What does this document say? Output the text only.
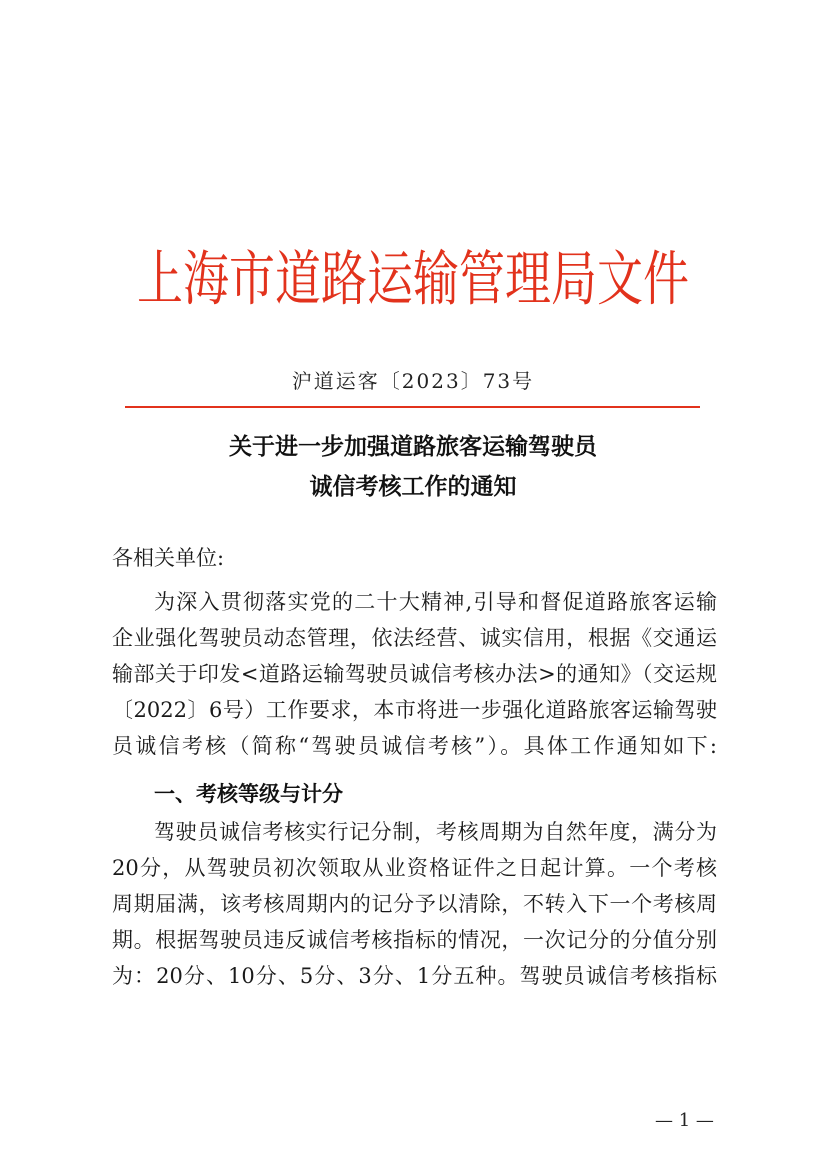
上海市道路运输管理局文件
沪道运客〔2023〕73号
关于进一步加强道路旅客运输驾驶员
诚信考核工作的通知
各相关单位:
为深入贯彻落实党的二十大精神,引导和督促道路旅客运输
企业强化驾驶员动态管理，依法经营、诚实信用，根据《交通运
输部关于印发<道路运输驾驶员诚信考核办法>的通知》（交运规
〔2022〕6号）工作要求，本市将进一步强化道路旅客运输驾驶
员诚信考核（简称“驾驶员诚信考核”）。具体工作通知如下:
一、考核等级与计分
驾驶员诚信考核实行记分制，考核周期为自然年度，满分为
20分，从驾驶员初次领取从业资格证件之日起计算。一个考核
周期届满，该考核周期内的记分予以清除，不转入下一个考核周
期。根据驾驶员违反诚信考核指标的情况，一次记分的分值分别
为：20分、10分、5分、3分、1分五种。驾驶员诚信考核指标
— 1 —
